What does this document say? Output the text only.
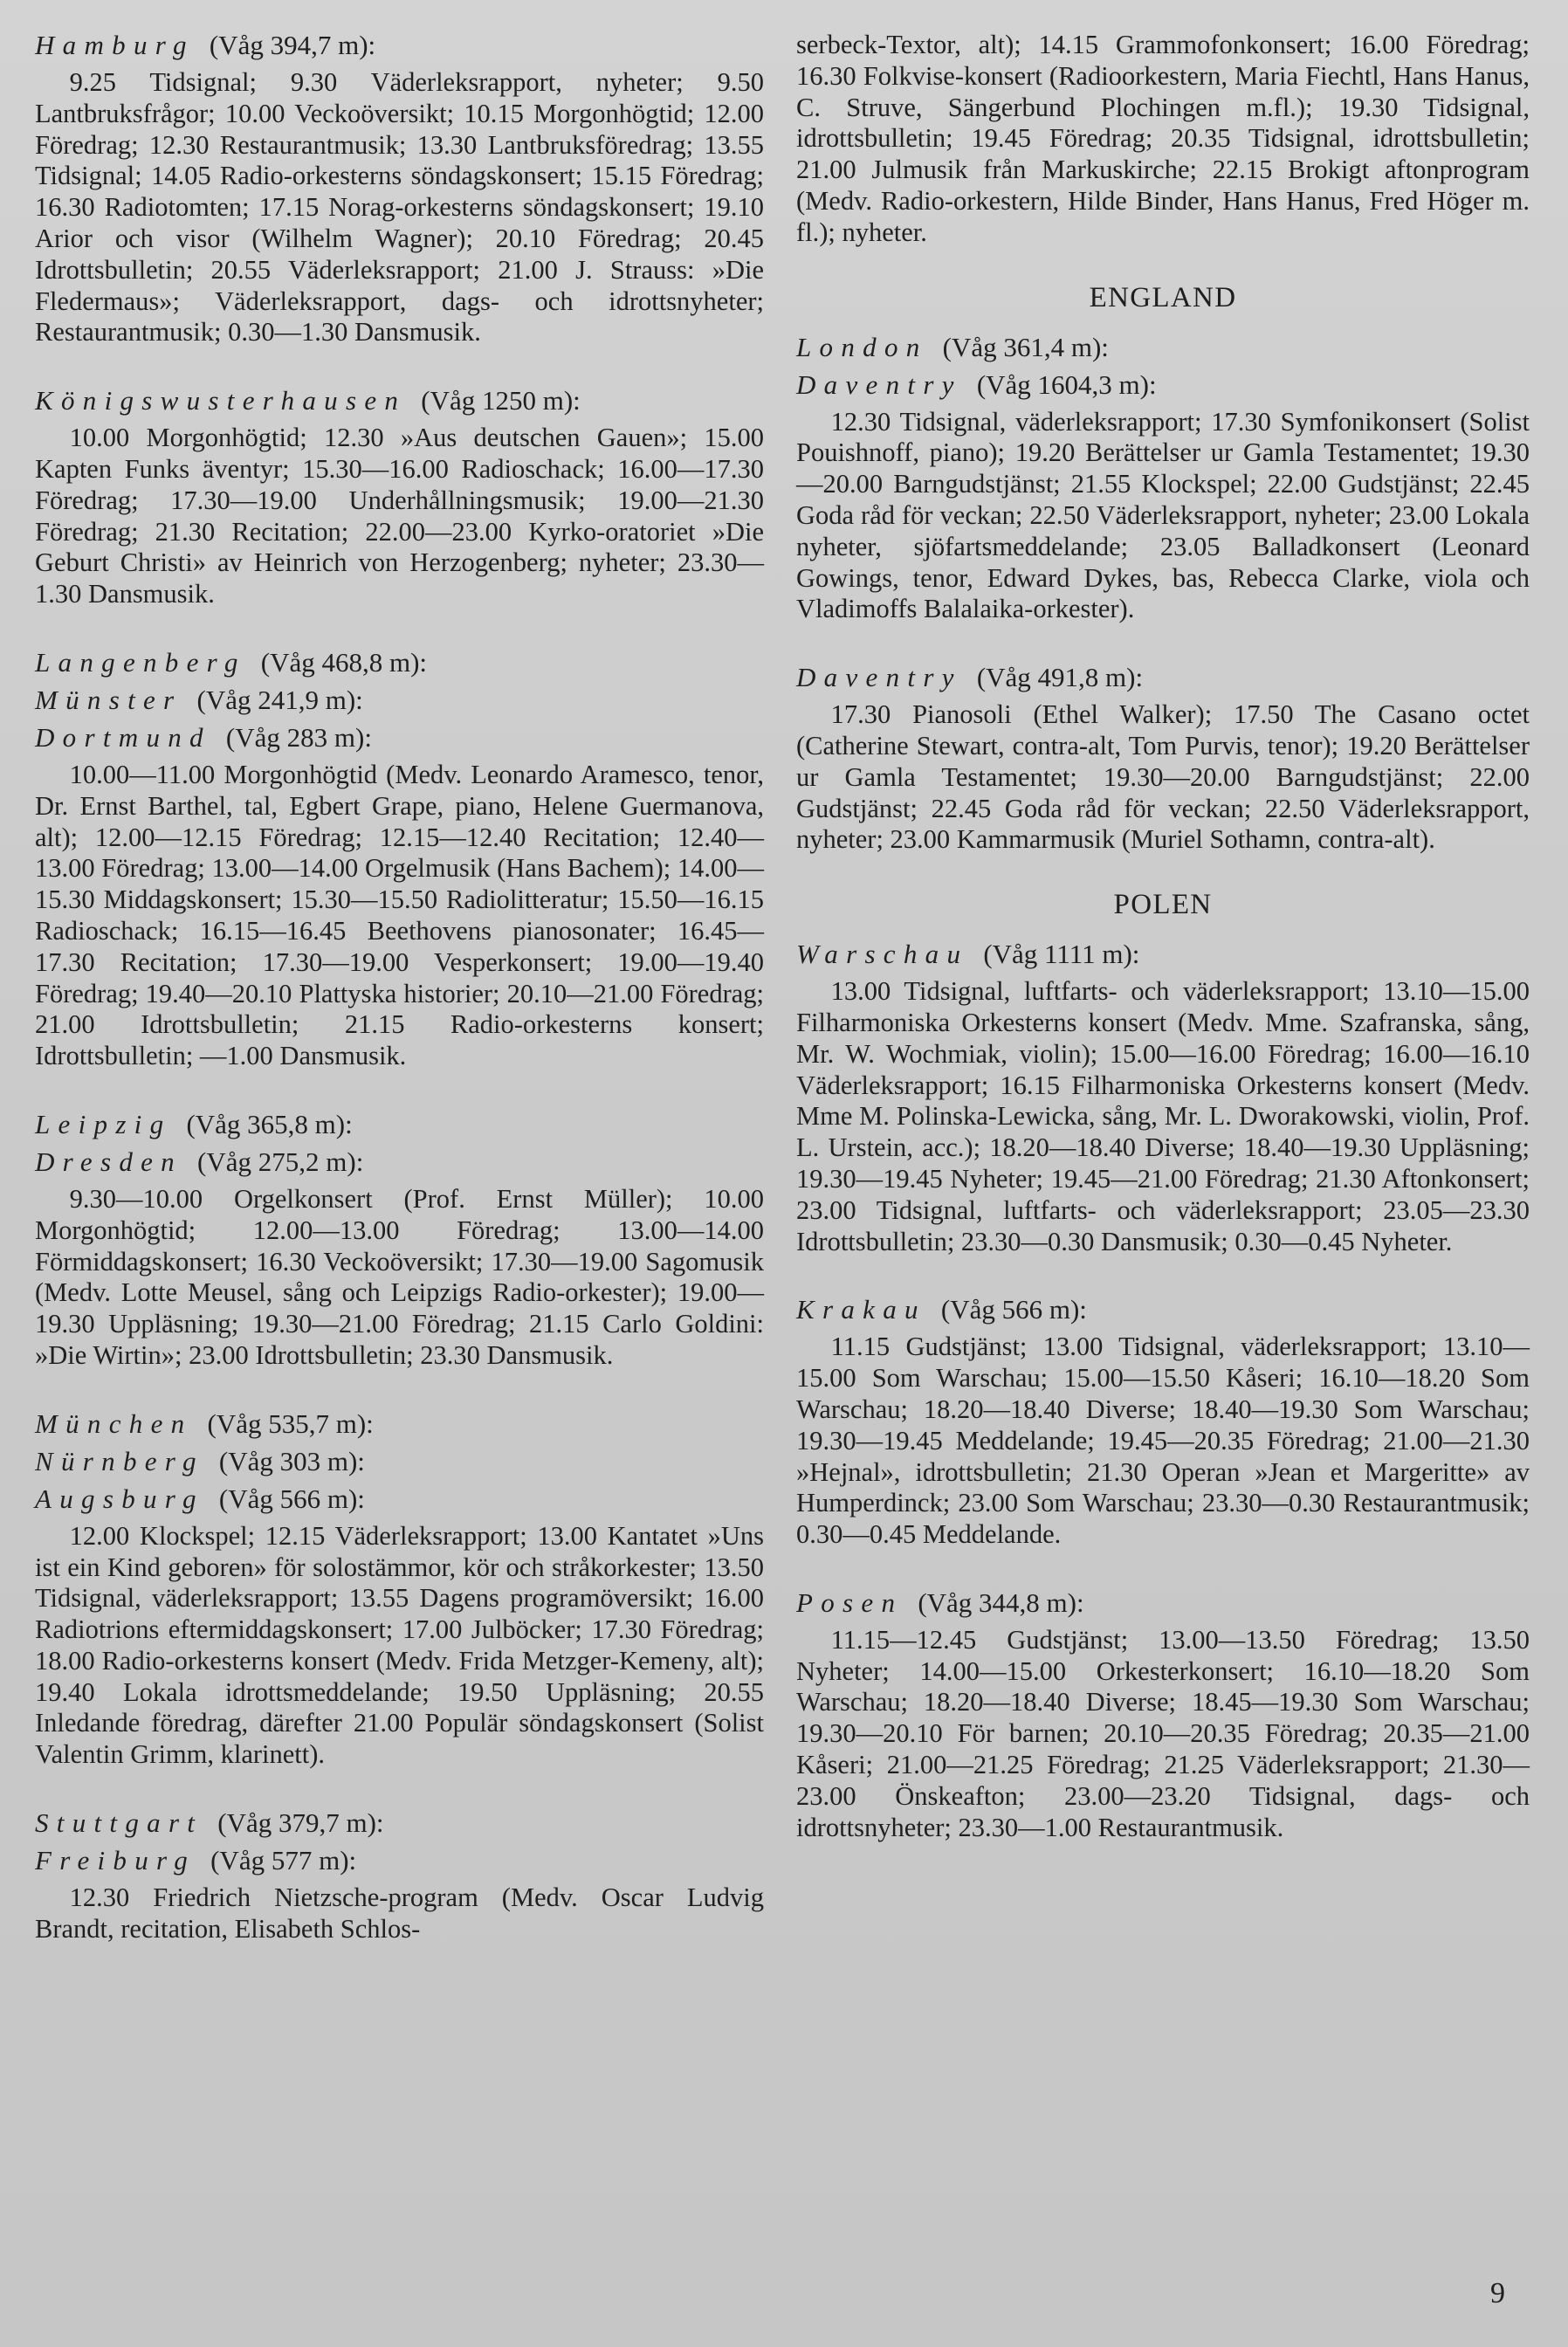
Hamburg (Våg 394,7 m):

9.25 Tidsignal; 9.30 Väderleksrapport, nyheter; 9.50 Lantbruksfrågor; 10.00 Veckoöversikt; 10.15 Morgonhögtid; 12.00 Föredrag; 12.30 Restaurantmusik; 13.30 Lantbruksföredrag; 13.55 Tidsignal; 14.05 Radio-orkesterns söndagskonsert; 15.15 Föredrag; 16.30 Radiotomten; 17.15 Norag-orkesterns söndagskonsert; 19.10 Arior och visor (Wilhelm Wagner); 20.10 Föredrag; 20.45 Idrottsbulletin; 20.55 Väderleksrapport; 21.00 J. Strauss: »Die Fledermaus»; Väderleksrapport, dags- och idrottsnyheter; Restaurantmusik; 0.30—1.30 Dansmusik.

Königswusterhausen (Våg 1250 m):

10.00 Morgonhögtid; 12.30 »Aus deutschen Gauen»; 15.00 Kapten Funks äventyr; 15.30—16.00 Radioschack; 16.00—17.30 Föredrag; 17.30—19.00 Underhållningsmusik; 19.00—21.30 Föredrag; 21.30 Recitation; 22.00—23.00 Kyrko-oratoriet »Die Geburt Christi» av Heinrich von Herzogenberg; nyheter; 23.30—1.30 Dansmusik.

Langenberg (Våg 468,8 m):
Münster (Våg 241,9 m):
Dortmund (Våg 283 m):

10.00—11.00 Morgonhögtid (Medv. Leonardo Aramesco, tenor, Dr. Ernst Barthel, tal, Egbert Grape, piano, Helene Guermanova, alt); 12.00—12.15 Föredrag; 12.15—12.40 Recitation; 12.40—13.00 Föredrag; 13.00—14.00 Orgelmusik (Hans Bachem); 14.00—15.30 Middagskonsert; 15.30—15.50 Radiolitteratur; 15.50—16.15 Radioschack; 16.15—16.45 Beethovens pianosonater; 16.45—17.30 Recitation; 17.30—19.00 Vesperkonsert; 19.00—19.40 Föredrag; 19.40—20.10 Plattyska historier; 20.10—21.00 Föredrag; 21.00 Idrottsbulletin; 21.15 Radio-orkesterns konsert; Idrottsbulletin; —1.00 Dansmusik.

Leipzig (Våg 365,8 m):
Dresden (Våg 275,2 m):

9.30—10.00 Orgelkonsert (Prof. Ernst Müller); 10.00 Morgonhögtid; 12.00—13.00 Föredrag; 13.00—14.00 Förmiddagskonsert; 16.30 Veckoöversikt; 17.30—19.00 Sagomusik (Medv. Lotte Meusel, sång och Leipzigs Radio-orkester); 19.00—19.30 Uppläsning; 19.30—21.00 Föredrag; 21.15 Carlo Goldini: »Die Wirtin»; 23.00 Idrottsbulletin; 23.30 Dansmusik.

München (Våg 535,7 m):
Nürnberg (Våg 303 m):
Augsburg (Våg 566 m):

12.00 Klockspel; 12.15 Väderleksrapport; 13.00 Kantatet »Uns ist ein Kind geboren» för solostämmor, kör och stråkorkester; 13.50 Tidsignal, väderleksrapport; 13.55 Dagens programöversikt; 16.00 Radiotrions eftermiddagskonsert; 17.00 Julböcker; 17.30 Föredrag; 18.00 Radio-orkesterns konsert (Medv. Frida Metzger-Kemeny, alt); 19.40 Lokala idrottsmeddelande; 19.50 Uppläsning; 20.55 Inledande föredrag, därefter 21.00 Populär söndagskonsert (Solist Valentin Grimm, klarinett).

Stuttgart (Våg 379,7 m):
Freiburg (Våg 577 m):

12.30 Friedrich Nietzsche-program (Medv. Oscar Ludvig Brandt, recitation, Elisabeth Schlos-

serbeck-Textor, alt); 14.15 Grammofonkonsert; 16.00 Föredrag; 16.30 Folkvise-konsert (Radioorkestern, Maria Fiechtl, Hans Hanus, C. Struve, Sängerbund Plochingen m.fl.); 19.30 Tidsignal, idrottsbulletin; 19.45 Föredrag; 20.35 Tidsignal, idrottsbulletin; 21.00 Julmusik från Markuskirche; 22.15 Brokigt aftonprogram (Medv. Radio-orkestern, Hilde Binder, Hans Hanus, Fred Höger m. fl.); nyheter.

ENGLAND
London (Våg 361,4 m):
Daventry (Våg 1604,3 m):

12.30 Tidsignal, väderleksrapport; 17.30 Symfonikonsert (Solist Pouishnoff, piano); 19.20 Berättelser ur Gamla Testamentet; 19.30—20.00 Barngudstjänst; 21.55 Klockspel; 22.00 Gudstjänst; 22.45 Goda råd för veckan; 22.50 Väderleksrapport, nyheter; 23.00 Lokala nyheter, sjöfartsmeddelande; 23.05 Balladkonsert (Leonard Gowings, tenor, Edward Dykes, bas, Rebecca Clarke, viola och Vladimoffs Balalaika-orkester).

Daventry (Våg 491,8 m):

17.30 Pianosoli (Ethel Walker); 17.50 The Casano octet (Catherine Stewart, contra-alt, Tom Purvis, tenor); 19.20 Berättelser ur Gamla Testamentet; 19.30—20.00 Barngudstjänst; 22.00 Gudstjänst; 22.45 Goda råd för veckan; 22.50 Väderleksrapport, nyheter; 23.00 Kammarmusik (Muriel Sothamn, contra-alt).

POLEN
Warschau (Våg 1111 m):

13.00 Tidsignal, luftfarts- och väderleksrapport; 13.10—15.00 Filharmoniska Orkesterns konsert (Medv. Mme. Szafranska, sång, Mr. W. Wochmiak, violin); 15.00—16.00 Föredrag; 16.00—16.10 Väderleksrapport; 16.15 Filharmoniska Orkesterns konsert (Medv. Mme M. Polinska-Lewicka, sång, Mr. L. Dworakowski, violin, Prof. L. Urstein, acc.); 18.20—18.40 Diverse; 18.40—19.30 Uppläsning; 19.30—19.45 Nyheter; 19.45—21.00 Föredrag; 21.30 Aftonkonsert; 23.00 Tidsignal, luftfarts- och väderleksrapport; 23.05—23.30 Idrottsbulletin; 23.30—0.30 Dansmusik; 0.30—0.45 Nyheter.

Krakau (Våg 566 m):

11.15 Gudstjänst; 13.00 Tidsignal, väderleksrapport; 13.10—15.00 Som Warschau; 15.00—15.50 Kåseri; 16.10—18.20 Som Warschau; 18.20—18.40 Diverse; 18.40—19.30 Som Warschau; 19.30—19.45 Meddelande; 19.45—20.35 Föredrag; 21.00—21.30 »Hejnal», idrottsbulletin; 21.30 Operan »Jean et Margeritte» av Humperdinck; 23.00 Som Warschau; 23.30—0.30 Restaurantmusik; 0.30—0.45 Meddelande.

Posen (Våg 344,8 m):

11.15—12.45 Gudstjänst; 13.00—13.50 Föredrag; 13.50 Nyheter; 14.00—15.00 Orkesterkonsert; 16.10—18.20 Som Warschau; 18.20—18.40 Diverse; 18.45—19.30 Som Warschau; 19.30—20.10 För barnen; 20.10—20.35 Föredrag; 20.35—21.00 Kåseri; 21.00—21.25 Föredrag; 21.25 Väderleksrapport; 21.30—23.00 Önskeafton; 23.00—23.20 Tidsignal, dags- och idrottsnyheter; 23.30—1.00 Restaurantmusik.

9
